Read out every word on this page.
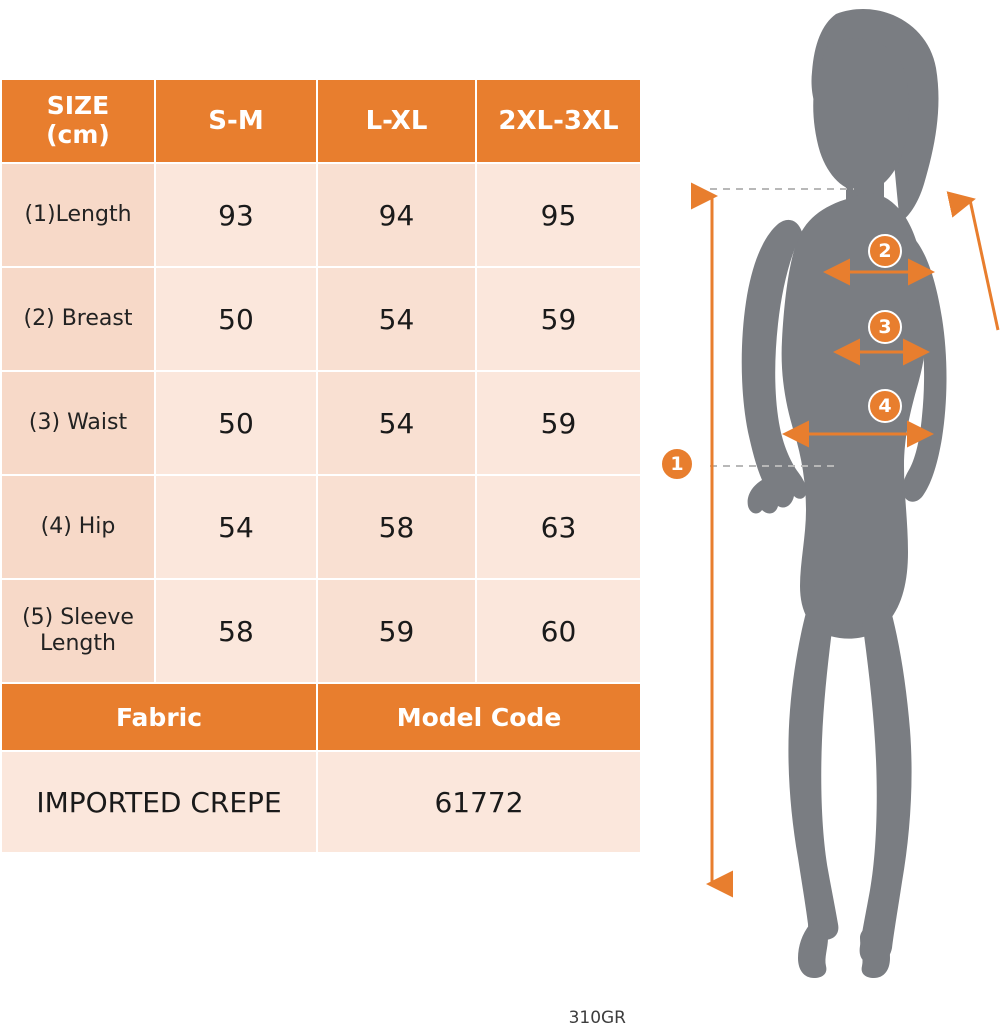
SIZE
(cm)	S-M	L-XL	2XL-3XL
(1)Length	93	94	95
(2) Breast	50	54	59
(3) Waist	50	54	59
(4) Hip	54	58	63
(5) Sleeve Length	58	59	60
Fabric		Model Code	
IMPORTED CREPE		61772	
310GR
1
2
3
4
